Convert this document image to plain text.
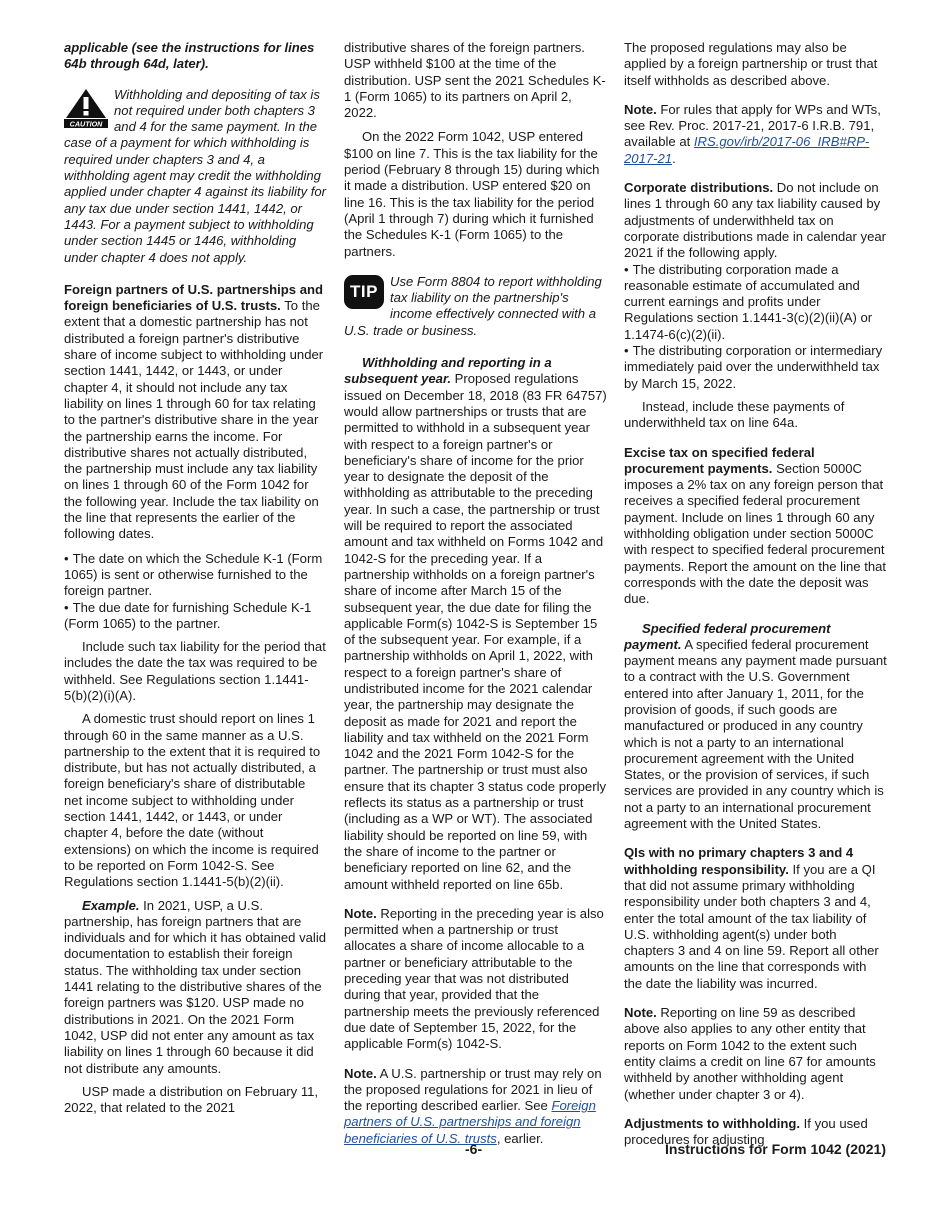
applicable (see the instructions for lines 64b through 64d, later).

CAUTION
Withholding and depositing of tax is not required under both chapters 3 and 4 for the same payment. In the case of a payment for which withholding is required under chapters 3 and 4, a withholding agent may credit the withholding applied under chapter 4 against its liability for any tax due under section 1441, 1442, or 1443. For a payment subject to withholding under section 1445 or 1446, withholding under chapter 4 does not apply.

Foreign partners of U.S. partnerships and foreign beneficiaries of U.S. trusts. To the extent that a domestic partnership has not distributed a foreign partner's distributive share of income subject to withholding under section 1441, 1442, or 1443, or under chapter 4, it should not include any tax liability on lines 1 through 60 for tax relating to the partner's distributive share in the year the partnership earns the income. For distributive shares not actually distributed, the partnership must include any tax liability on lines 1 through 60 of the Form 1042 for the following year. Include the tax liability on the line that represents the earlier of the following dates.

• The date on which the Schedule K-1 (Form 1065) is sent or otherwise furnished to the foreign partner.

• The due date for furnishing Schedule K-1 (Form 1065) to the partner.

Include such tax liability for the period that includes the date the tax was required to be withheld. See Regulations section 1.1441-5(b)(2)(i)(A).

A domestic trust should report on lines 1 through 60 in the same manner as a U.S. partnership to the extent that it is required to distribute, but has not actually distributed, a foreign beneficiary's share of distributable net income subject to withholding under section 1441, 1442, or 1443, or under chapter 4, before the date (without extensions) on which the income is required to be reported on Form 1042-S. See Regulations section 1.1441-5(b)(2)(ii).

Example. In 2021, USP, a U.S. partnership, has foreign partners that are individuals and for which it has obtained valid documentation to establish their foreign status. The withholding tax under section 1441 relating to the distributive shares of the foreign partners was $120. USP made no distributions in 2021. On the 2021 Form 1042, USP did not enter any amount as tax liability on lines 1 through 60 because it did not distribute any amounts.

USP made a distribution on February 11, 2022, that related to the 2021

distributive shares of the foreign partners. USP withheld $100 at the time of the distribution. USP sent the 2021 Schedules K-1 (Form 1065) to its partners on April 2, 2022.

On the 2022 Form 1042, USP entered $100 on line 7. This is the tax liability for the period (February 8 through 15) during which it made a distribution. USP entered $20 on line 16. This is the tax liability for the period (April 1 through 7) during which it furnished the Schedules K-1 (Form 1065) to the partners.

TIP
Use Form 8804 to report withholding tax liability on the partnership's income effectively connected with a U.S. trade or business.

Withholding and reporting in a subsequent year. Proposed regulations issued on December 18, 2018 (83 FR 64757) would allow partnerships or trusts that are permitted to withhold in a subsequent year with respect to a foreign partner's or beneficiary's share of income for the prior year to designate the deposit of the withholding as attributable to the preceding year. In such a case, the partnership or trust will be required to report the associated amount and tax withheld on Forms 1042 and 1042-S for the preceding year. If a partnership withholds on a foreign partner's share of income after March 15 of the subsequent year, the due date for filing the applicable Form(s) 1042-S is September 15 of the subsequent year. For example, if a partnership withholds on April 1, 2022, with respect to a foreign partner's share of undistributed income for the 2021 calendar year, the partnership may designate the deposit as made for 2021 and report the liability and tax withheld on the 2021 Form 1042 and the 2021 Form 1042-S for the partner. The partnership or trust must also ensure that its chapter 3 status code properly reflects its status as a partnership or trust (including as a WP or WT). The associated liability should be reported on line 59, with the share of income to the partner or beneficiary reported on line 62, and the amount withheld reported on line 65b.

Note. Reporting in the preceding year is also permitted when a partnership or trust allocates a share of income allocable to a partner or beneficiary attributable to the preceding year that was not distributed during that year, provided that the partnership meets the previously referenced due date of September 15, 2022, for the applicable Form(s) 1042-S.

Note. A U.S. partnership or trust may rely on the proposed regulations for 2021 in lieu of the reporting described earlier. See Foreign partners of U.S. partnerships and foreign beneficiaries of U.S. trusts, earlier.

The proposed regulations may also be applied by a foreign partnership or trust that itself withholds as described above.

Note. For rules that apply for WPs and WTs, see Rev. Proc. 2017-21, 2017-6 I.R.B. 791, available at IRS.gov/irb/2017-06_IRB#RP-2017-21.

Corporate distributions. Do not include on lines 1 through 60 any tax liability caused by adjustments of underwithheld tax on corporate distributions made in calendar year 2021 if the following apply.

• The distributing corporation made a reasonable estimate of accumulated and current earnings and profits under Regulations section 1.1441-3(c)(2)(ii)(A) or 1.1474-6(c)(2)(ii).

• The distributing corporation or intermediary immediately paid over the underwithheld tax by March 15, 2022.

Instead, include these payments of underwithheld tax on line 64a.

Excise tax on specified federal procurement payments. Section 5000C imposes a 2% tax on any foreign person that receives a specified federal procurement payment. Include on lines 1 through 60 any withholding obligation under section 5000C with respect to specified federal procurement payments. Report the amount on the line that corresponds with the date the deposit was due.

Specified federal procurement payment. A specified federal procurement payment means any payment made pursuant to a contract with the U.S. Government entered into after January 1, 2011, for the provision of goods, if such goods are manufactured or produced in any country which is not a party to an international procurement agreement with the United States, or the provision of services, if such services are provided in any country which is not a party to an international procurement agreement with the United States.

QIs with no primary chapters 3 and 4 withholding responsibility. If you are a QI that did not assume primary withholding responsibility under both chapters 3 and 4, enter the total amount of the tax liability of U.S. withholding agent(s) under both chapters 3 and 4 on line 59. Report all other amounts on the line that corresponds with the date the liability was incurred.

Note. Reporting on line 59 as described above also applies to any other entity that reports on Form 1042 to the extent such entity claims a credit on line 67 for amounts withheld by another withholding agent (whether under chapter 3 or 4).

Adjustments to withholding. If you used procedures for adjusting

-6-	Instructions for Form 1042 (2021)
